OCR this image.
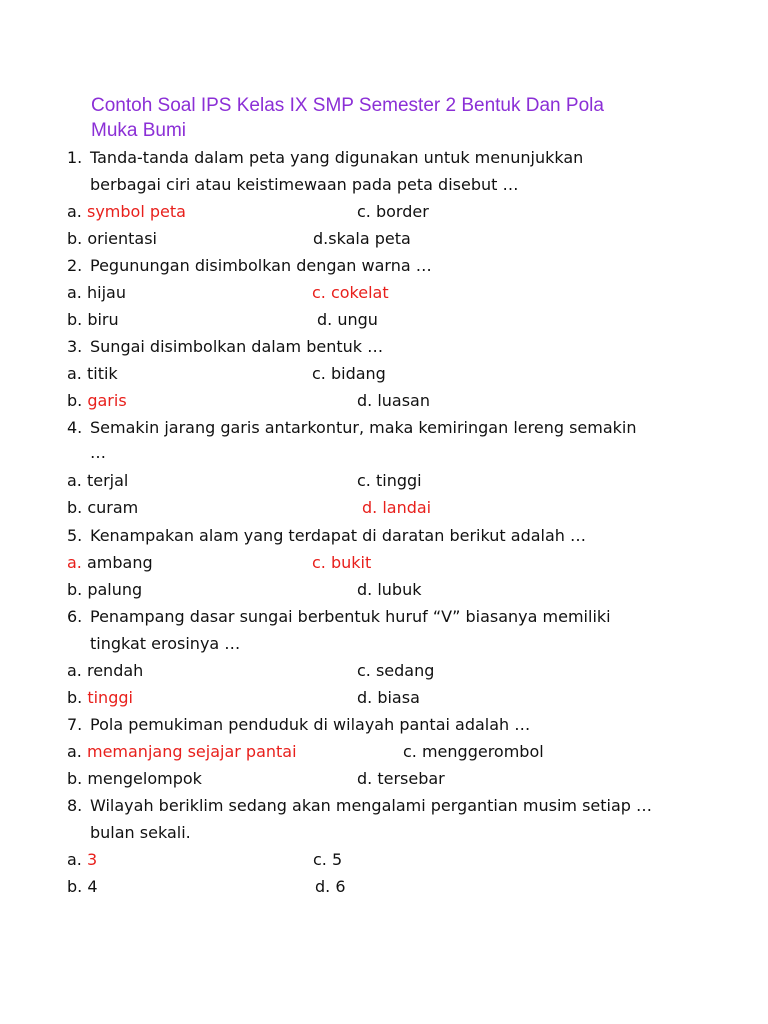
Contoh Soal IPS Kelas IX SMP Semester 2 Bentuk Dan Pola
Muka Bumi
1. Tanda-tanda dalam peta yang digunakan untuk menunjukkan
berbagai ciri atau keistimewaan pada peta disebut …
a. symbol peta	c. border
b. orientasi	d.skala peta
2. Pegunungan disimbolkan dengan warna …
a. hijau	c. cokelat
b. biru	d. ungu
3. Sungai disimbolkan dalam bentuk …
a. titik	c. bidang
b. garis	d. luasan
4. Semakin jarang garis antarkontur, maka kemiringan lereng semakin
…
a. terjal	c. tinggi
b. curam	d. landai
5. Kenampakan alam yang terdapat di daratan berikut adalah …
a. ambang	c. bukit
b. palung	d. lubuk
6. Penampang dasar sungai berbentuk huruf “V” biasanya memiliki
tingkat erosinya …
a. rendah	c. sedang
b. tinggi	d. biasa
7. Pola pemukiman penduduk di wilayah pantai adalah …
a. memanjang sejajar pantai	c. menggerombol
b. mengelompok	d. tersebar
8. Wilayah beriklim sedang akan mengalami pergantian musim setiap …
bulan sekali.
a. 3	c. 5
b. 4	d. 6
